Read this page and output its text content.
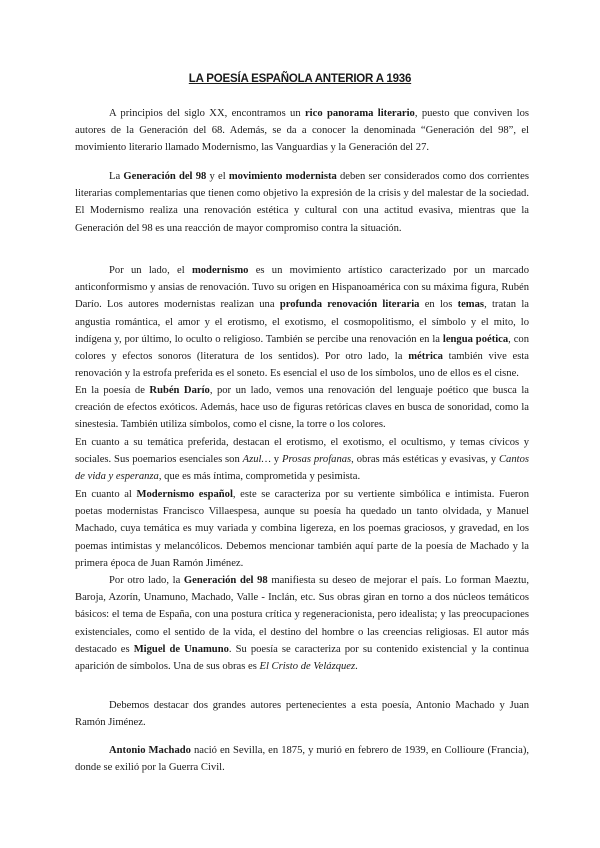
LA POESÍA ESPAÑOLA ANTERIOR A 1936

A principios del siglo XX, encontramos un rico panorama literario, puesto que conviven los autores de la Generación del 68. Además, se da a conocer la denominada “Generación del 98”, el movimiento literario llamado Modernismo, las Vanguardias y la Generación del 27.

La Generación del 98 y el movimiento modernista deben ser considerados como dos corrientes literarias complementarias que tienen como objetivo la expresión de la crisis y del malestar de la sociedad. El Modernismo realiza una renovación estética y cultural con una actitud evasiva, mientras que la Generación del 98 es una reacción de mayor compromiso contra la situación.

Por un lado, el modernismo es un movimiento artístico caracterizado por un marcado anticonformismo y ansias de renovación. Tuvo su origen en Hispanoamérica con su máxima figura, Rubén Darío. Los autores modernistas realizan una profunda renovación literaria en los temas, tratan la angustia romántica, el amor y el erotismo, el exotismo, el cosmopolitismo, el símbolo y el mito, lo indígena y, por último, lo oculto o religioso. También se percibe una renovación en la lengua poética, con colores y efectos sonoros (literatura de los sentidos). Por otro lado, la métrica también vive esta renovación y la estrofa preferida es el soneto. Es esencial el uso de los símbolos, uno de ellos es el cisne.

En la poesía de Rubén Darío, por un lado, vemos una renovación del lenguaje poético que busca la creación de efectos exóticos. Además, hace uso de figuras retóricas claves en busca de sonoridad, como la sinestesia. También utiliza símbolos, como el cisne, la torre o los colores.

En cuanto a su temática preferida, destacan el erotismo, el exotismo, el ocultismo, y temas cívicos y sociales. Sus poemarios esenciales son Azul… y Prosas profanas, obras más estéticas y evasivas, y Cantos de vida y esperanza, que es más íntima, comprometida y pesimista.

En cuanto al Modernismo español, este se caracteriza por su vertiente simbólica e intimista. Fueron poetas modernistas Francisco Villaespesa, aunque su poesía ha quedado un tanto olvidada, y Manuel Machado, cuya temática es muy variada y combina ligereza, en los poemas graciosos, y gravedad, en los poemas intimistas y melancólicos. Debemos mencionar también aquí parte de la poesía de Machado y la primera época de Juan Ramón Jiménez.

Por otro lado, la Generación del 98 manifiesta su deseo de mejorar el país. Lo forman Maeztu, Baroja, Azorín, Unamuno, Machado, Valle - Inclán, etc. Sus obras giran en torno a dos núcleos temáticos básicos: el tema de España, con una postura crítica y regeneracionista, pero idealista; y las preocupaciones existenciales, como el sentido de la vida, el destino del hombre o las creencias religiosas. El autor más destacado es Miguel de Unamuno. Su poesía se caracteriza por su contenido existencial y la continua aparición de símbolos. Una de sus obras es El Cristo de Velázquez.

Debemos destacar dos grandes autores pertenecientes a esta poesía, Antonio Machado y Juan Ramón Jiménez.

Antonio Machado nació en Sevilla, en 1875, y murió en febrero de 1939, en Collioure (Francia), donde se exilió por la Guerra Civil.
